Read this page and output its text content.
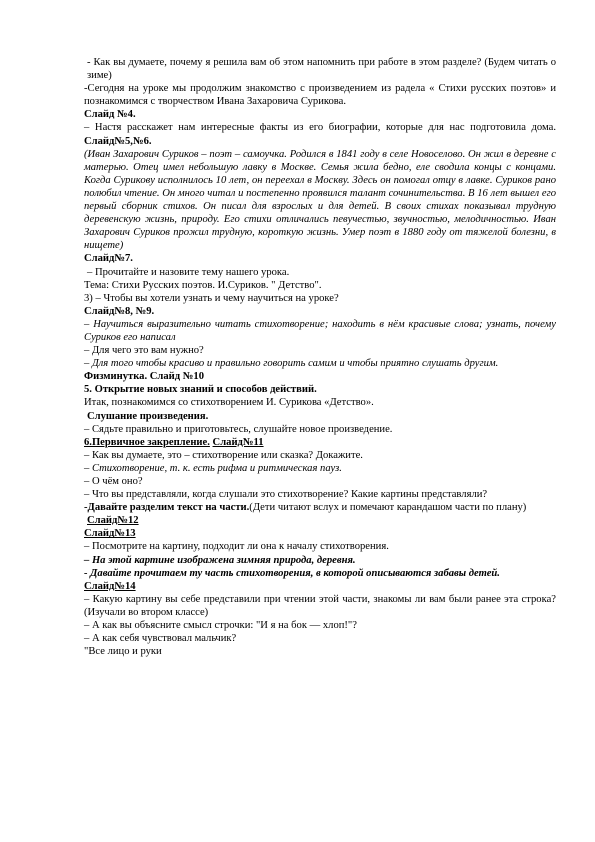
- Как вы думаете, почему я решила вам об этом напомнить при работе в этом разделе? (Будем читать о зиме)

-Сегодня на уроке мы продолжим знакомство с произведением из радела « Стихи русских поэтов» и познакомимся с творчеством Ивана Захаровича Сурикова.

Слайд №4.

– Настя расскажет нам интересные факты из его биографии, которые для нас подготовила дома. Слайд№5,№6.

(Иван Захарович Суриков – поэт – самоучка. Родился в 1841 году в селе Новоселово. Он жил в деревне с матерью. Отец имел небольшую лавку в Москве. Семья жила бедно, еле сводила концы с концами. Когда Сурикову исполнилось 10 лет, он переехал в Москву. Здесь он помогал отцу в лавке. Суриков рано полюбил чтение. Он много читал и постепенно проявился талант сочинительства. В 16 лет вышел его первый сборник стихов. Он писал для взрослых и для детей. В своих стихах показывал трудную деревенскую жизнь, природу. Его стихи отличались певучестью, звучностью, мелодичностью. Иван Захарович Суриков прожил трудную, короткую жизнь. Умер поэт в 1880 году от тяжелой болезни, в нищете)

Слайд№7.

– Прочитайте и назовите тему нашего урока.

Тема: Стихи Русских поэтов. И.Суриков. " Детство".

3) – Чтобы вы хотели узнать и чему научиться на уроке?

Слайд№8, №9.

– Научиться выразительно читать стихотворение; находить в нём красивые слова; узнать, почему Суриков его написал

– Для чего это вам нужно?

– Для того чтобы красиво и правильно говорить самим и чтобы приятно слушать другим.

Физминутка. Слайд №10

5. Открытие новых знаний и способов действий.

Итак, познакомимся со стихотворением И. Сурикова «Детство».

Слушание произведения.

– Сядьте правильно и приготовьтесь, слушайте новое произведение.

6.Первичное закрепление. Слайд№11

– Как вы думаете, это – стихотворение или сказка? Докажите.

– Стихотворение, т. к. есть рифма и ритмическая пауз.

– О чём оно?

– Что вы представляли, когда слушали это стихотворение? Какие картины представляли?

-Давайте разделим текст на части.(Дети читают вслух и помечают карандашом части по плану)

Слайд№12

Слайд№13

– Посмотрите на картину, подходит ли она к началу стихотворения.

– На этой картине изображена зимняя природа, деревня.

- Давайте прочитаем ту часть стихотворения, в которой описываются забавы детей.

Слайд№14

– Какую картину вы себе представили при чтении этой части, знакомы ли вам были ранее эта строка? (Изучали во втором классе)

– А как вы объясните смысл строчки: "И я на бок — хлоп!"?

– А как себя чувствовал мальчик?

"Все лицо и руки
